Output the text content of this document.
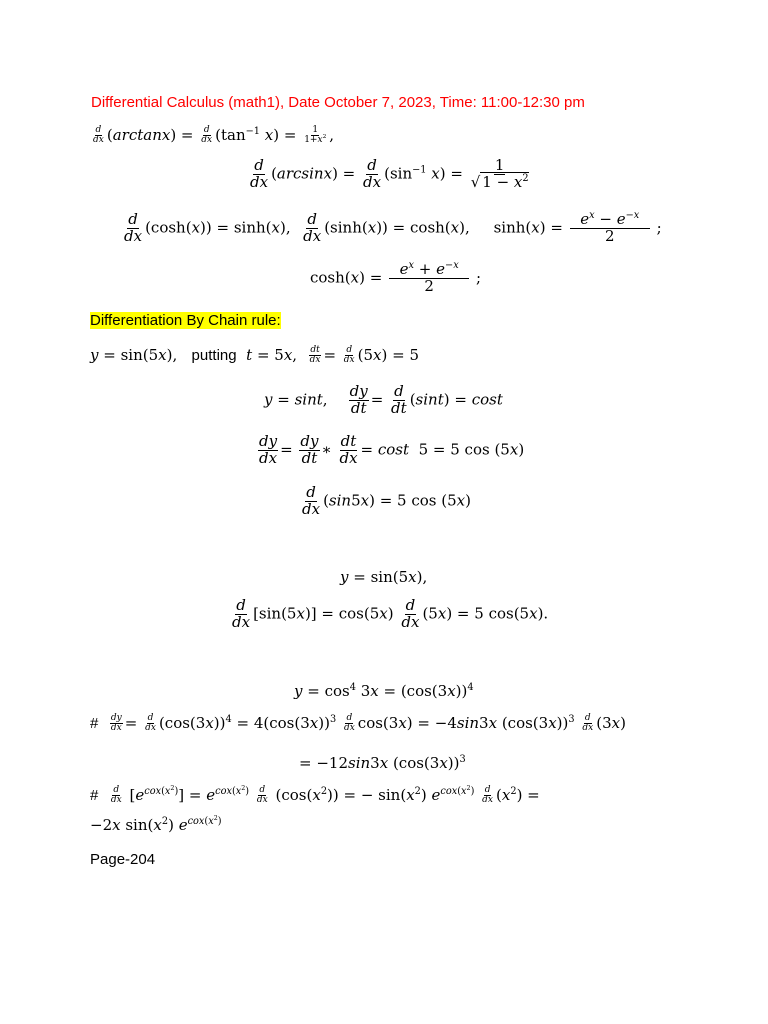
Differential Calculus (math1), Date October 7, 2023, Time: 11:00-12:30 pm
$\frac{d}{dx} (\arctan x) = \frac{d}{dx} (\tan^{-1}$ $x) = \frac{1}{1+x^2}$ ,
$\frac{d}{dx} (\arcsin x) = \frac{d}{dx} (\sin^{-1}$ $x) = \frac{1}{√ 1 - x^2}$
$\frac{d}{dx} (\cosh(x)) = \sinh(x)$, $\frac{d}{dx} (\sinh(x)) = \cosh(x)$,     $\sinh(x) = \frac{e^x - e^{-x}}{2}$ ;
$\cosh(x) = \frac{e^x + e^{-x}}{2}$ ;
Differentiation By Chain rule:
y = sin(5x),   putting t = 5x, $\frac{dt}{dx} = \frac{d}{dx} (5x) = 5$
y = sint, $\frac{dy}{dt} = \frac{d}{dt} (\sin t) = \cos t$
$\frac{dy}{dx} = \frac{dy}{dt}$ ∗ $\frac{dt}{dx} = \cos t$  5 = 5 cos (5x)
$\frac{d}{dx} (\sin 5x) = 5$ cos (5x)
y = sin(5x),
$\frac{d}{dx} [\sin(5x)] = \cos(5x) \frac{d}{dx} (5x) = 5$ cos(5x).
$y = \cos^4 3x = (\cos(3x))^4$
# $\frac{dy}{dx} = \frac{d}{dx} (\cos(3x))^4 = 4(\cos(3x))^3 \frac{d}{dx} \cos(3x) = -4\sin 3x$ $(\cos(3x))^3 \frac{d}{dx} (3x)$
= −12sin3x $(\cos(3x))^3$
# $\frac{d}{dx} [e^{cox(x^2)}] = e^{cox(x^2)} \frac{d}{dx} (\cos(x^2))$ = − $\sin(x^2)$ $e^{cox(x^2)} \frac{d}{dx} (x^2)$ =
−2x $\sin(x^2)$ $e^{cox(x^2)}$
Page-204
